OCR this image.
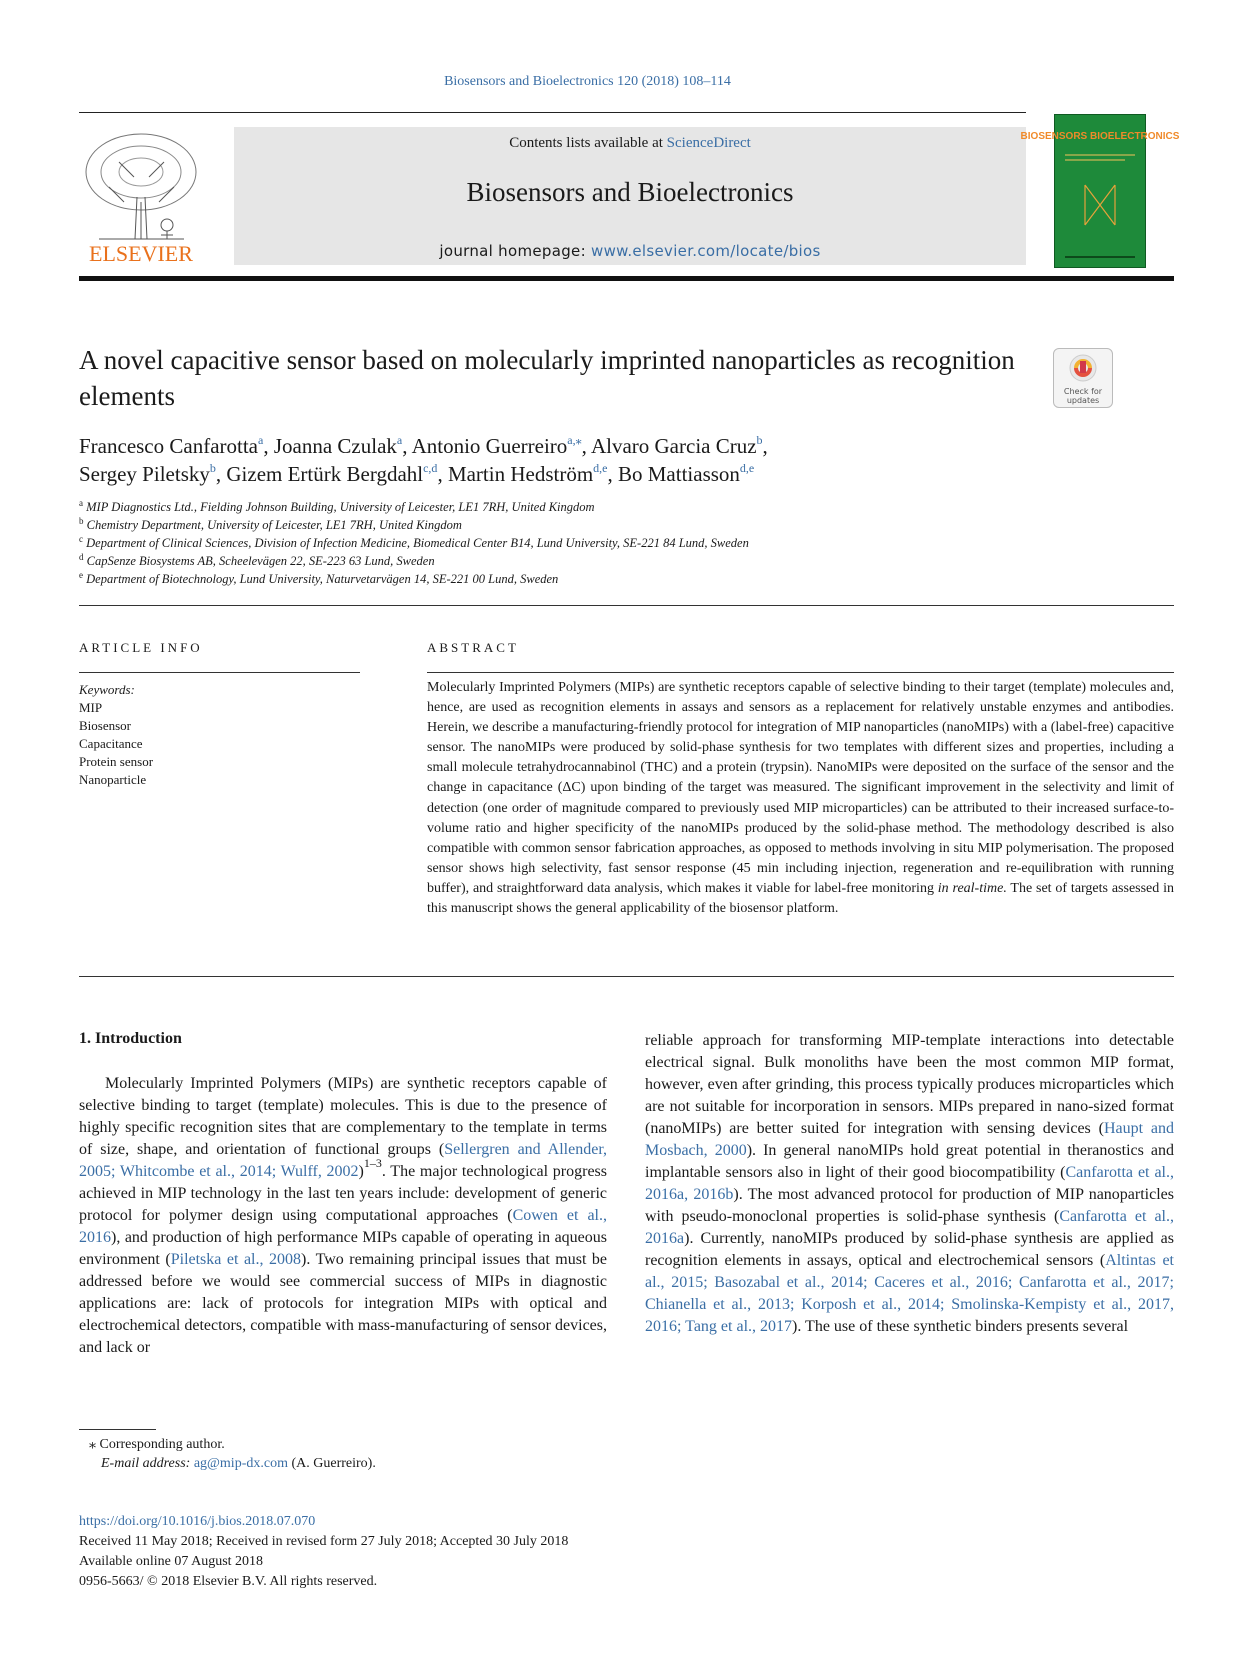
Biosensors and Bioelectronics 120 (2018) 108–114
ELSEVIER
Contents lists available at ScienceDirect
Biosensors and Bioelectronics
journal homepage: www.elsevier.com/locate/bios
BIOSENSORS BIOELECTRONICS
A novel capacitive sensor based on molecularly imprinted nanoparticles as recognition elements	Check for updates
Francesco Canfarotta$^a$, Joanna Czulak$^a$, Antonio Guerreiro$^{a,⁎}$, Alvaro Garcia Cruz$^b$,
Sergey Piletsky$^b$, Gizem Ertürk Bergdahl$^{c,d}$, Martin Hedström$^{d,e}$, Bo Mattiasson$^{d,e}$
$^a$ MIP Diagnostics Ltd., Fielding Johnson Building, University of Leicester, LE1 7RH, United Kingdom
$^b$ Chemistry Department, University of Leicester, LE1 7RH, United Kingdom
$^c$ Department of Clinical Sciences, Division of Infection Medicine, Biomedical Center B14, Lund University, SE-221 84 Lund, Sweden
$^d$ CapSenze Biosystems AB, Scheelevägen 22, SE-223 63 Lund, Sweden
$^e$ Department of Biotechnology, Lund University, Naturvetarvägen 14, SE-221 00 Lund, Sweden
ARTICLE INFO	ABSTRACT
Keywords:
MIP
Biosensor
Capacitance
Protein sensor
Nanoparticle
Molecularly Imprinted Polymers (MIPs) are synthetic receptors capable of selective binding to their target (template) molecules and, hence, are used as recognition elements in assays and sensors as a replacement for relatively unstable enzymes and antibodies. Herein, we describe a manufacturing-friendly protocol for integration of MIP nanoparticles (nanoMIPs) with a (label-free) capacitive sensor. The nanoMIPs were produced by solid-phase synthesis for two templates with different sizes and properties, including a small molecule tetrahydrocannabinol (THC) and a protein (trypsin). NanoMIPs were deposited on the surface of the sensor and the change in capacitance (ΔC) upon binding of the target was measured. The significant improvement in the selectivity and limit of detection (one order of magnitude compared to previously used MIP microparticles) can be attributed to their increased surface-to-volume ratio and higher specificity of the nanoMIPs produced by the solid-phase method. The methodology described is also compatible with common sensor fabrication approaches, as opposed to methods involving in situ MIP polymerisation. The proposed sensor shows high selectivity, fast sensor response (45 min including injection, regeneration and re-equilibration with running buffer), and straightforward data analysis, which makes it viable for label-free monitoring in real-time. The set of targets assessed in this manuscript shows the general applicability of the biosensor platform.
1. Introduction

Molecularly Imprinted Polymers (MIPs) are synthetic receptors capable of selective binding to target (template) molecules. This is due to the presence of highly specific recognition sites that are complementary to the template in terms of size, shape, and orientation of functional groups (Sellergren and Allender, 2005; Whitcombe et al., 2014; Wulff, 2002)$^{1-3}$. The major technological progress achieved in MIP technology in the last ten years include: development of generic protocol for polymer design using computational approaches (Cowen et al., 2016), and production of high performance MIPs capable of operating in aqueous environment (Piletska et al., 2008). Two remaining principal issues that must be addressed before we would see commercial success of MIPs in diagnostic applications are: lack of protocols for integration MIPs with optical and electrochemical detectors, compatible with mass-manufacturing of sensor devices, and lack or

reliable approach for transforming MIP-template interactions into detectable electrical signal. Bulk monoliths have been the most common MIP format, however, even after grinding, this process typically produces microparticles which are not suitable for incorporation in sensors. MIPs prepared in nano-sized format (nanoMIPs) are better suited for integration with sensing devices (Haupt and Mosbach, 2000). In general nanoMIPs hold great potential in theranostics and implantable sensors also in light of their good biocompatibility (Canfarotta et al., 2016a, 2016b). The most advanced protocol for production of MIP nanoparticles with pseudo-monoclonal properties is solid-phase synthesis (Canfarotta et al., 2016a). Currently, nanoMIPs produced by solid-phase synthesis are applied as recognition elements in assays, optical and electrochemical sensors (Altintas et al., 2015; Basozabal et al., 2014; Caceres et al., 2016; Canfarotta et al., 2017; Chianella et al., 2013; Korposh et al., 2014; Smolinska-Kempisty et al., 2017, 2016; Tang et al., 2017). The use of these synthetic binders presents several

⁎ Corresponding author.
E-mail address: ag@mip-dx.com (A. Guerreiro).
https://doi.org/10.1016/j.bios.2018.07.070
Received 11 May 2018; Received in revised form 27 July 2018; Accepted 30 July 2018
Available online 07 August 2018
0956-5663/ © 2018 Elsevier B.V. All rights reserved.
